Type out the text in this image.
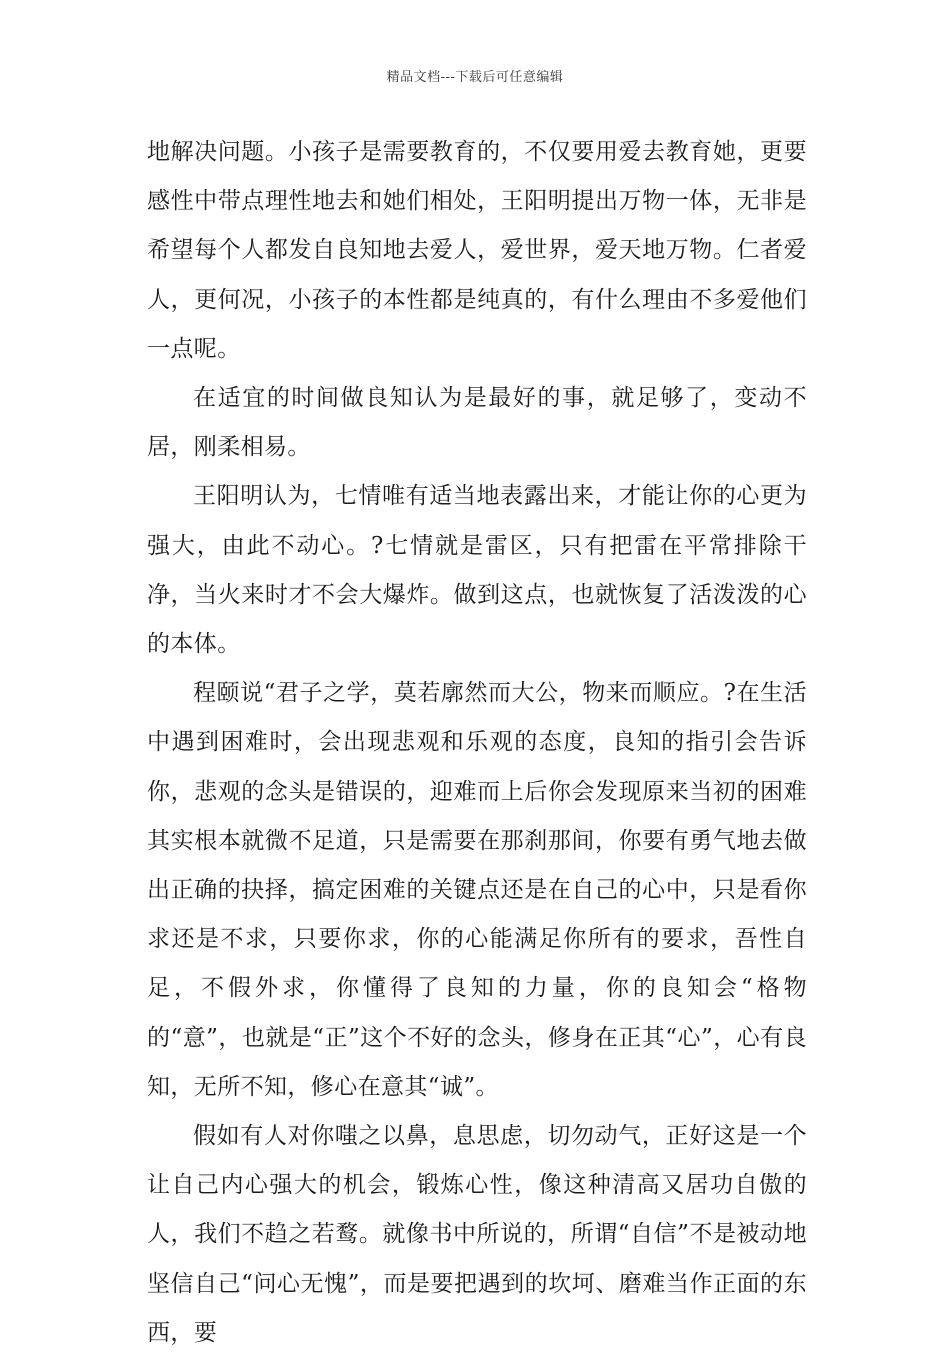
精品文档---下载后可任意编辑

地解决问题。小孩子是需要教育的，不仅要用爱去教育她，更要感性中带点理性地去和她们相处，王阳明提出万物一体，无非是希望每个人都发自良知地去爱人，爱世界，爱天地万物。仁者爱人，更何况，小孩子的本性都是纯真的，有什么理由不多爱他们一点呢。

在适宜的时间做良知认为是最好的事，就足够了，变动不居，刚柔相易。

王阳明认为，七情唯有适当地表露出来，才能让你的心更为强大，由此不动心。?七情就是雷区，只有把雷在平常排除干净，当火来时才不会大爆炸。做到这点，也就恢复了活泼泼的心的本体。

程颐说“君子之学，莫若廓然而大公，物来而顺应。?在生活中遇到困难时，会出现悲观和乐观的态度，良知的指引会告诉你，悲观的念头是错误的，迎难而上后你会发现原来当初的困难其实根本就微不足道，只是需要在那刹那间，你要有勇气地去做出正确的抉择，搞定困难的关键点还是在自己的心中，只是看你求还是不求，只要你求，你的心能满足你所有的要求，吾性自足，不假外求，你懂得了良知的力量，你的良知会“格物的“意”，也就是“正”这个不好的念头，修身在正其“心”，心有良知，无所不知，修心在意其“诚”。

假如有人对你嗤之以鼻，息思虑，切勿动气，正好这是一个让自己内心强大的机会，锻炼心性，像这种清高又居功自傲的人，我们不趋之若鹜。就像书中所说的，所谓“自信”不是被动地坚信自己“问心无愧”，而是要把遇到的坎坷、磨难当作正面的东西，要
